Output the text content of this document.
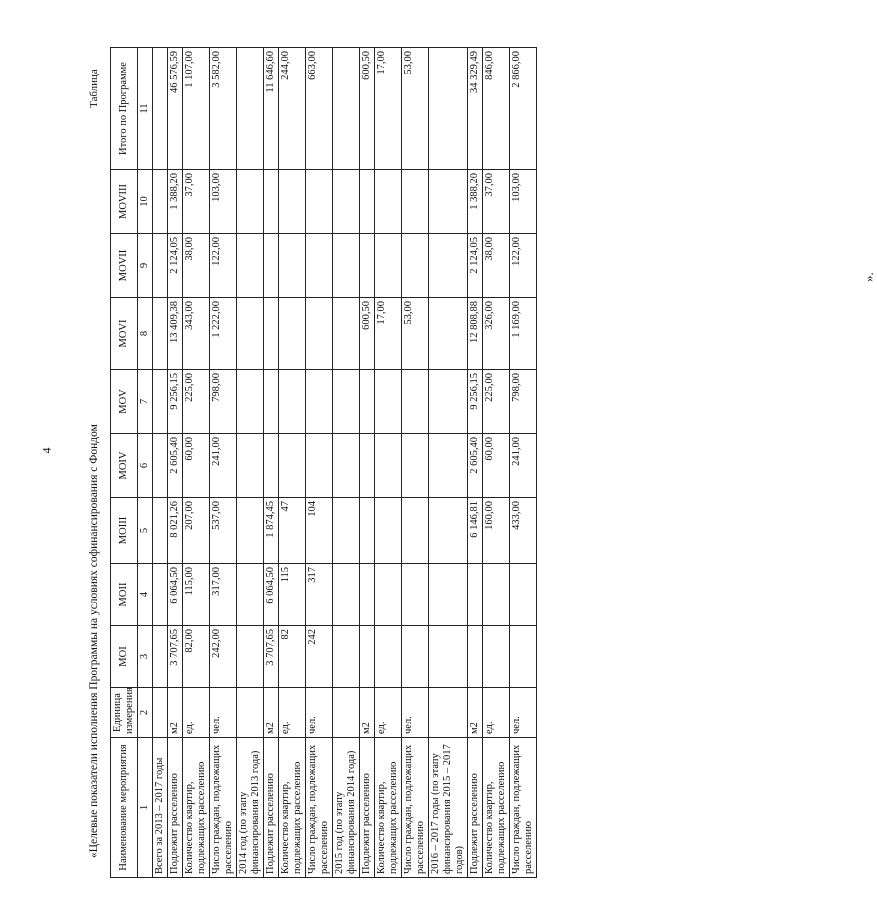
4	«Целевые показатели исполнения Программы на условиях софинансирования с Фондом
Таблица
Наименование мероприятия	Единица измерения	МОI	МОII	МОIII	МОIV	МОV	МОVI	МОVII	МОVIII	Итого по Программе
1	2	3	4	5	6	7	8	9	10	11
Всего за 2013 – 2017 годы										
Подлежит расселению	м2	3 707,65	6 064,50	8 021,26	2 605,40	9 256,15	13 409,38	2 124,05	1 388,20	46 576,59
Количество квартир, подлежащих расселению	ед.	82,00	115,00	207,00	60,00	225,00	343,00	38,00	37,00	1 107,00
Число граждан, подлежащих расселению	чел.	242,00	317,00	537,00	241,00	798,00	1 222,00	122,00	103,00	3 582,00
2014 год (по этапу финансирования 2013 года)										
Подлежит расселению	м2	3 707,65	6 064,50	1 874,45						11 646,60
Количество квартир, подлежащих расселению	ед.	82	115	47						244,00
Число граждан, подлежащих расселению	чел.	242	317	104						663,00
2015 год (по этапу финансирования 2014 года)										
Подлежит расселению	м2						600,50			600,50
Количество квартир, подлежащих расселению	ед.						17,00			17,00
Число граждан, подлежащих расселению	чел.						53,00			53,00
2016 – 2017 годы (по этапу финансирования 2015 – 2017 годов)										
Подлежит расселению	м2			6 146,81	2 605,40	9 256,15	12 808,88	2 124,05	1 388,20	34 329,49
Количество квартир, подлежащих расселению	ед.			160,00	60,00	225,00	326,00	38,00	37,00	846,00
Число граждан, подлежащих расселению	чел.			433,00	241,00	798,00	1 169,00	122,00	103,00	2 866,00
».
